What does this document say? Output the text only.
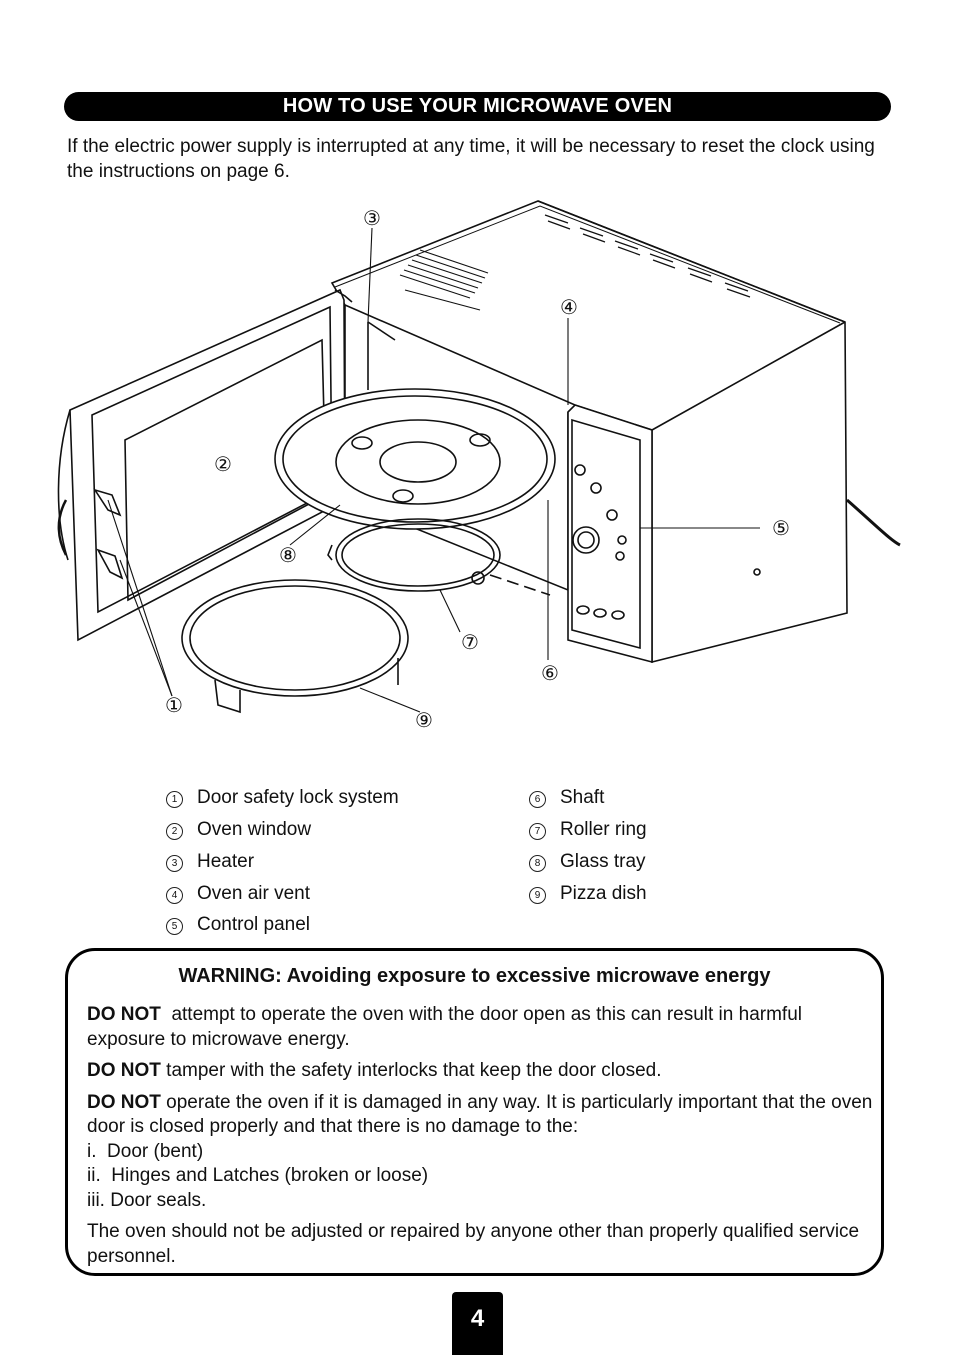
HOW TO USE YOUR MICROWAVE OVEN
If the electric power supply is interrupted at any time, it will be necessary to reset the clock using the instructions on page 6.
③
④
②
⑤
⑧
⑦
⑥
①
⑨
1	Door safety lock system
2	Oven window
3	Heater
4	Oven air vent
5	Control panel
6	Shaft
7	Roller ring
8	Glass tray
9	Pizza dish
WARNING: Avoiding exposure to excessive microwave energy

DO NOT  attempt to operate the oven with the door open as this can result in harmful exposure to microwave energy.

DO NOT tamper with the safety interlocks that keep the door closed.

DO NOT operate the oven if it is damaged in any way. It is particularly important that the oven door is closed properly and that there is no damage to the:

i.  Door (bent)
ii.  Hinges and Latches (broken or loose)
iii. Door seals.

The oven should not be adjusted or repaired by anyone other than properly qualified service personnel.

4
